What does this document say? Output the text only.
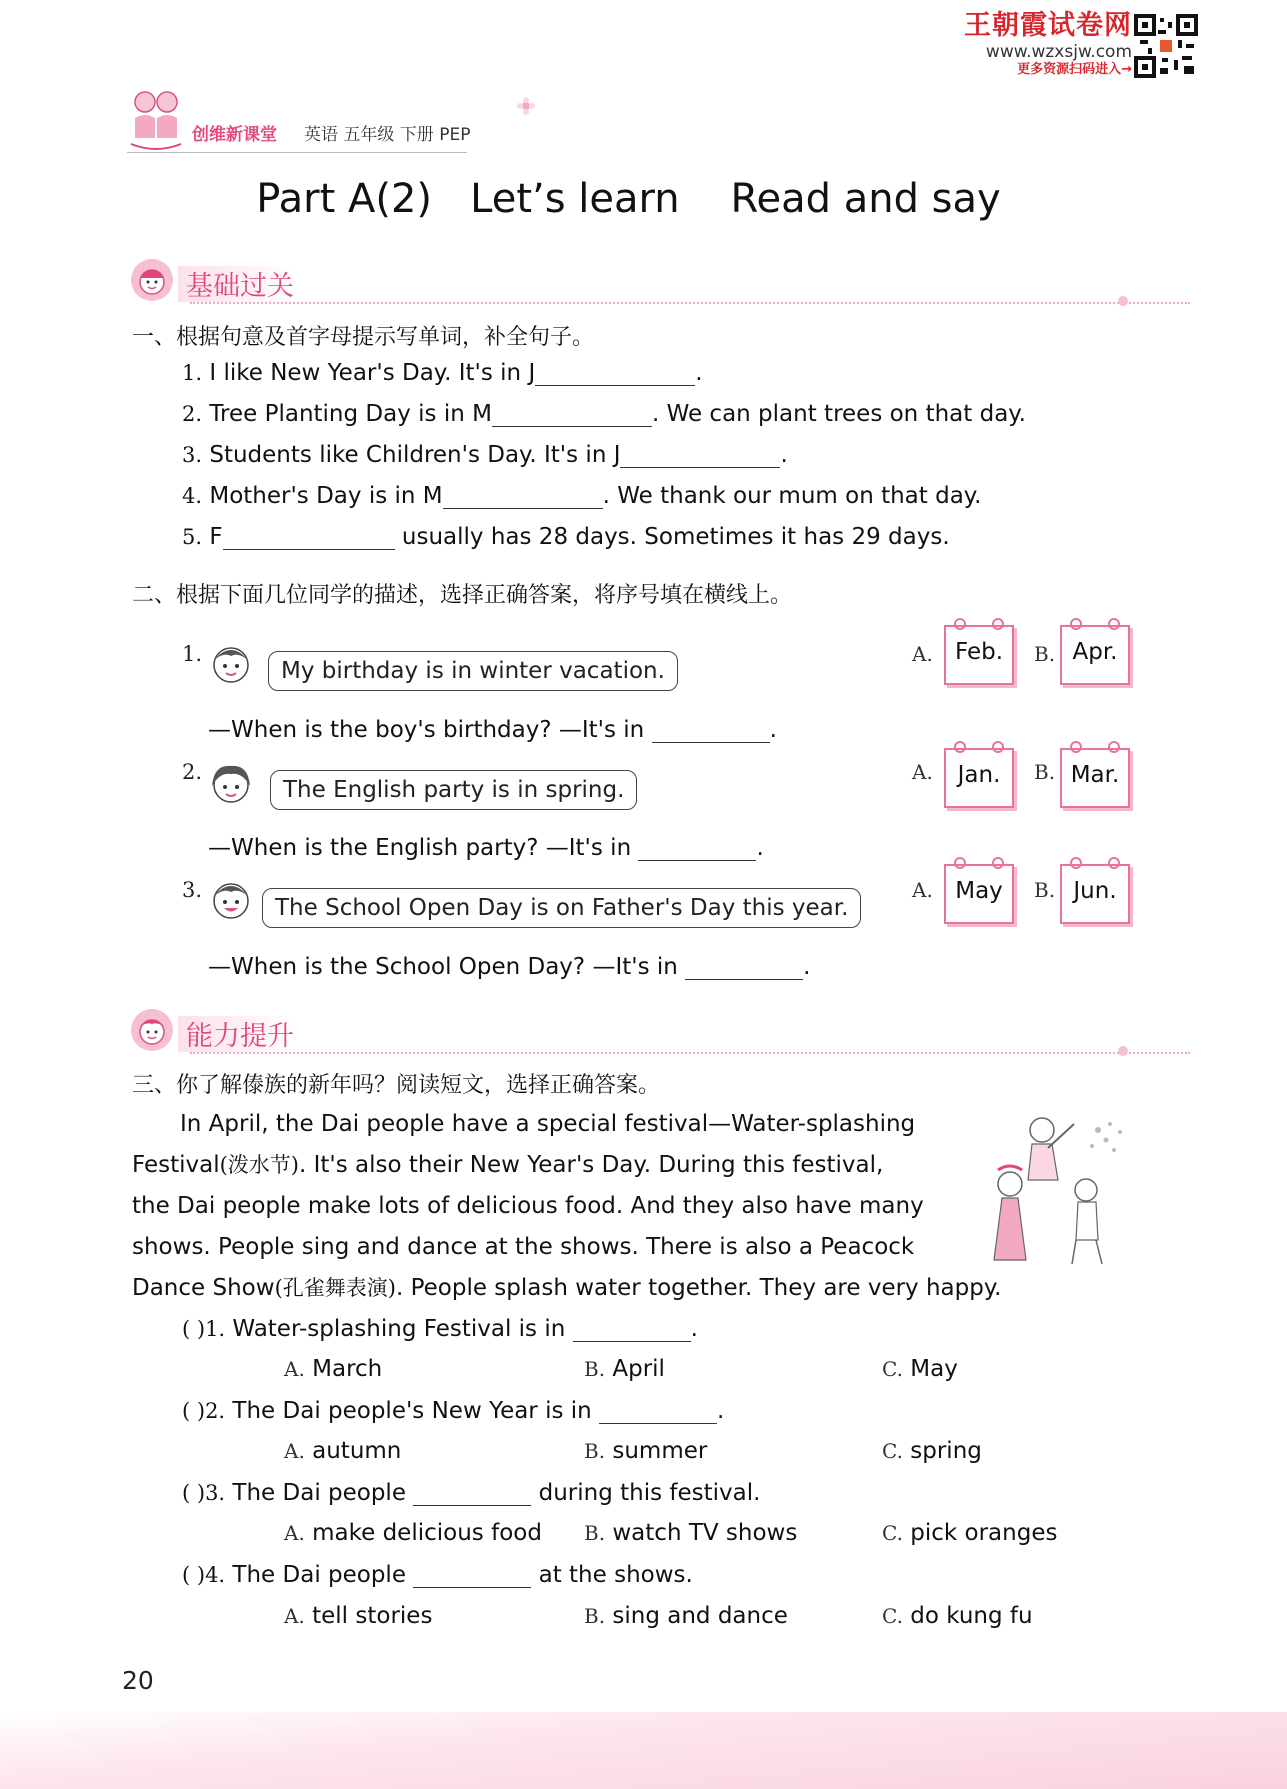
王朝霞试卷网
www.wzxsjw.com
更多资源扫码进入→
创维新课堂 英语 五年级 下册 PEP
Part A(2)   Let’s learn    Read and say
基础过关
一、根据句意及首字母提示写单词，补全句子。
1. I like New Year's Day. It's in J	.
2. Tree Planting Day is in M	. We can plant trees on that day.
3. Students like Children's Day. It's in J	.
4. Mother's Day is in M	. We thank our mum on that day.
5. F	usually has 28 days. Sometimes it has 29 days.
二、根据下面几位同学的描述，选择正确答案，将序号填在横线上。
1.
My birthday is in winter vacation.
—When is the boy's birthday? —It's in	.
A. Feb.	B. Apr.
2.
The English party is in spring.
—When is the English party? —It's in	.
A.	Jan.	B. Mar.
3.
The School Open Day is on Father's Day this year.
—When is the School Open Day? —It's in	.
A. May	B. Jun.
能力提升
三、你了解傣族的新年吗？阅读短文，选择正确答案。
In April, the Dai people have a special festival—Water-splashing
Festival(泼水节). It's also their New Year's Day. During this festival,
the Dai people make lots of delicious food. And they also have many
shows. People sing and dance at the shows. There is also a Peacock
Dance Show(孔雀舞表演). People splash water together. They are very happy.
( )1. Water-splashing Festival is in	.
A. March	B. April	C. May
( )2. The Dai people's New Year is in	.
A. autumn	B. summer	C. spring
( )3. The Dai people	during this festival.
A. make delicious food B. watch TV shows	C. pick oranges
( )4. The Dai people	at the shows.
A. tell stories	B. sing and dance	C. do kung fu
20
